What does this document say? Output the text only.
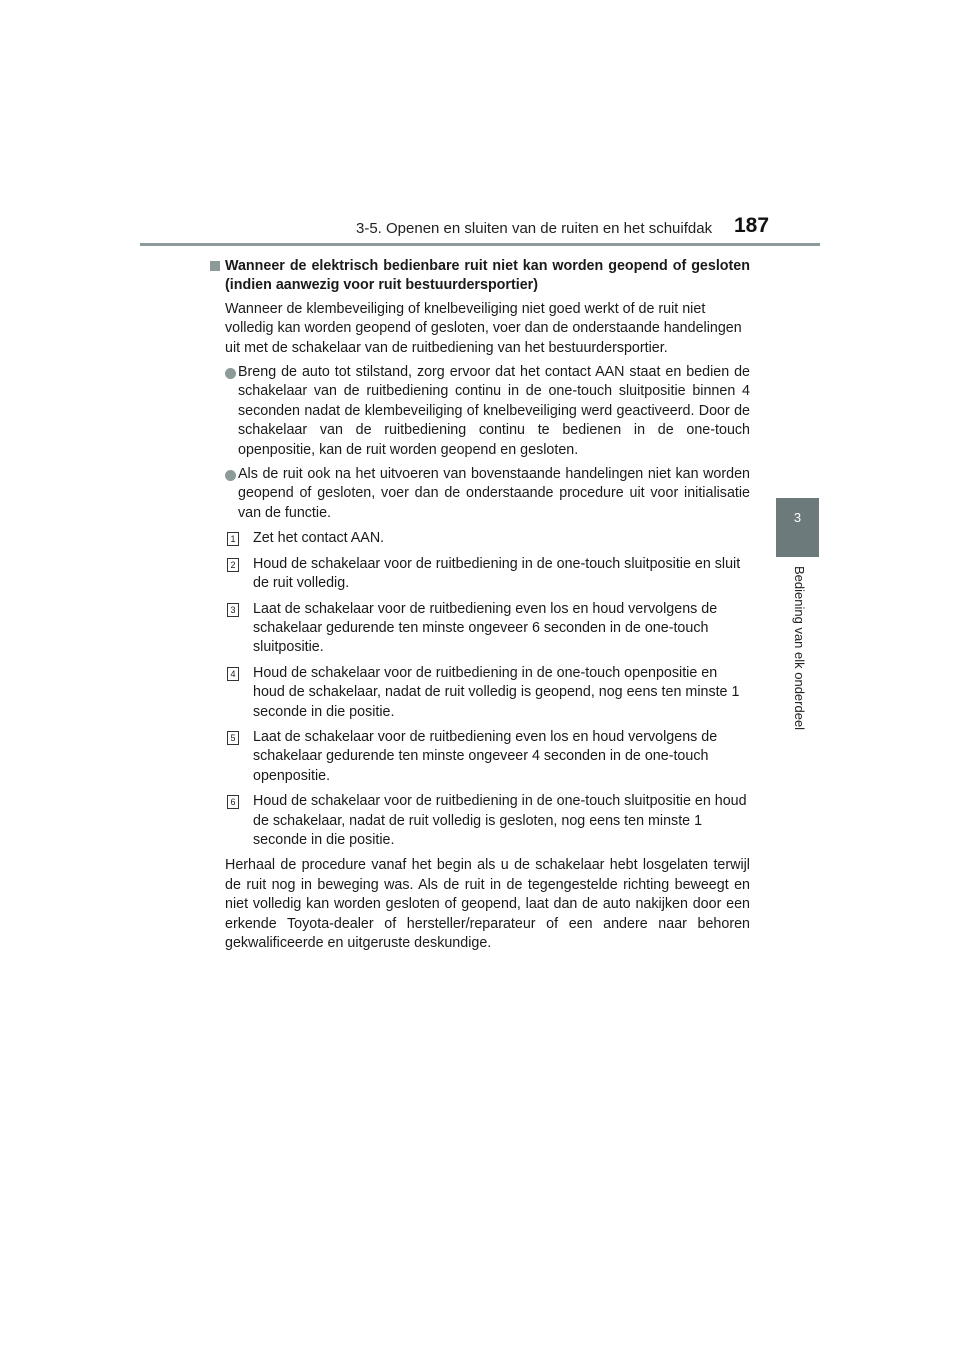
3-5. Openen en sluiten van de ruiten en het schuifdak 187
3
Bediening van elk onderdeel
Wanneer de elektrisch bedienbare ruit niet kan worden geopend of gesloten (indien aanwezig voor ruit bestuurdersportier)

Wanneer de klembeveiliging of knelbeveiliging niet goed werkt of de ruit niet volledig kan worden geopend of gesloten, voer dan de onderstaande handelingen uit met de schakelaar van de ruitbediening van het bestuurdersportier.

Breng de auto tot stilstand, zorg ervoor dat het contact AAN staat en bedien de schakelaar van de ruitbediening continu in de one-touch sluitpositie binnen 4 seconden nadat de klembeveiliging of knelbeveiliging werd geactiveerd. Door de schakelaar van de ruitbediening continu te bedienen in de one-touch openpositie, kan de ruit worden geopend en gesloten.
Als de ruit ook na het uitvoeren van bovenstaande handelingen niet kan worden geopend of gesloten, voer dan de onderstaande procedure uit voor initialisatie van de functie.
1 Zet het contact AAN.
2 Houd de schakelaar voor de ruitbediening in de one-touch sluitpositie en sluit de ruit volledig.
3 Laat de schakelaar voor de ruitbediening even los en houd vervolgens de schakelaar gedurende ten minste ongeveer 6 seconden in de one-touch sluitpositie.
4 Houd de schakelaar voor de ruitbediening in de one-touch openpositie en houd de schakelaar, nadat de ruit volledig is geopend, nog eens ten minste 1 seconde in die positie.
5 Laat de schakelaar voor de ruitbediening even los en houd vervolgens de schakelaar gedurende ten minste ongeveer 4 seconden in de one-touch openpositie.
6 Houd de schakelaar voor de ruitbediening in de one-touch sluitpositie en houd de schakelaar, nadat de ruit volledig is gesloten, nog eens ten minste 1 seconde in die positie.

Herhaal de procedure vanaf het begin als u de schakelaar hebt losgelaten terwijl de ruit nog in beweging was. Als de ruit in de tegengestelde richting beweegt en niet volledig kan worden gesloten of geopend, laat dan de auto nakijken door een erkende Toyota-dealer of hersteller/reparateur of een andere naar behoren gekwalificeerde en uitgeruste deskundige.
